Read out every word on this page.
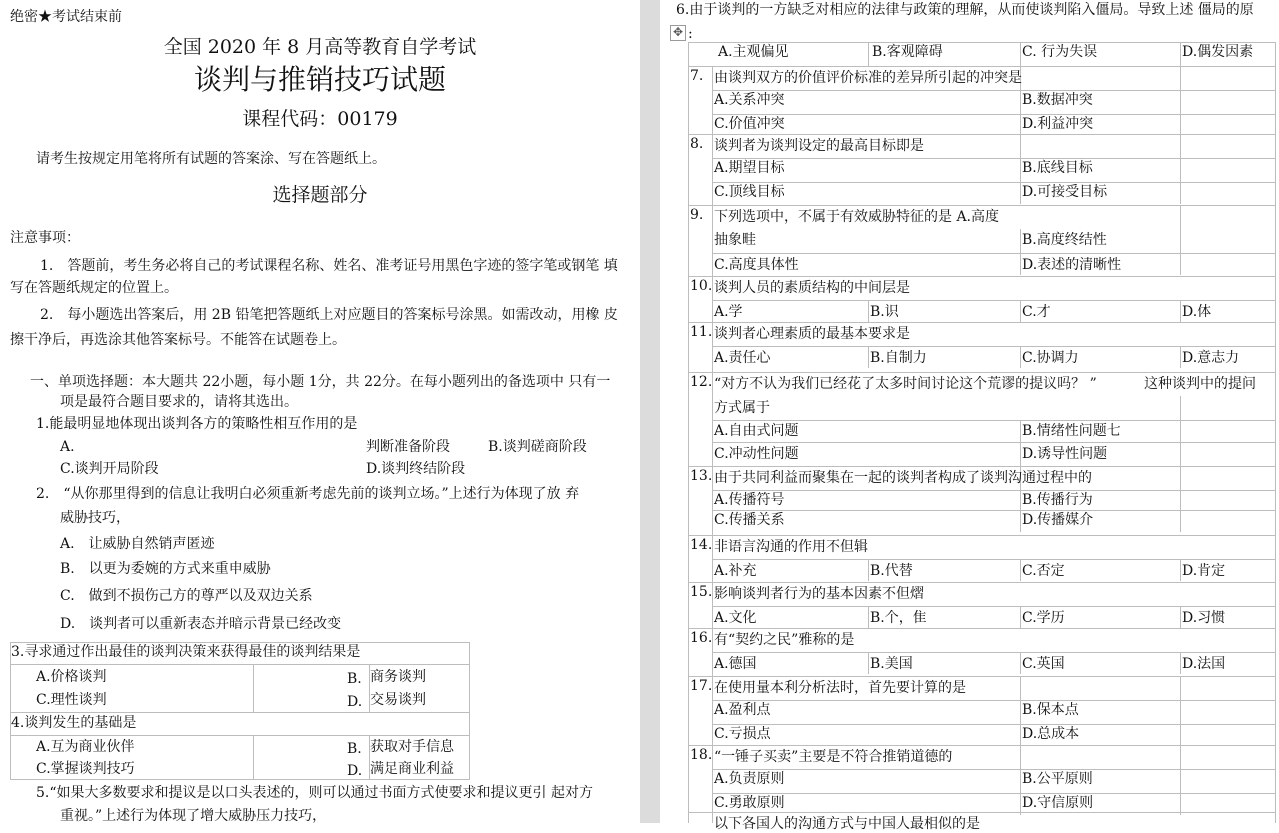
绝密★考试结束前
全国 2020 年 8 月高等教育自学考试
谈判与推销技巧试题
课程代码：00179
请考生按规定用笔将所有试题的答案涂、写在答题纸上。
选择题部分
注意事项：
1.　答题前，考生务必将自己的考试课程名称、姓名、准考证号用黑色字迹的签字笔或钢笔 填
写在答题纸规定的位置上。
2.　每小题选出答案后，用 2B 铅笔把答题纸上对应题目的答案标号涂黑。如需改动，用橡 皮
擦干净后，再选涂其他答案标号。不能答在试题卷上。
一、单项选择题：本大题共 22小题，每小题 1分，共 22分。在每小题列出的备选项中 只有一
项是最符合题目要求的，请将其选出。
1.能最明显地体现出谈判各方的策略性相互作用的是
A.	判断准备阶段	B.谈判磋商阶段
C.谈判开局阶段	D.谈判终结阶段
2.　“从你那里得到的信息让我明白必须重新考虑先前的谈判立场。”上述行为体现了放 弃
威胁技巧，
A.　让威胁自然销声匿迹
B.　以更为委婉的方式来重申威胁
C.　做到不损伤己方的尊严以及双边关系
D.　谈判者可以重新表态并暗示背景已经改变
3.寻求通过作出最佳的谈判决策来获得最佳的谈判结果是
A.价格谈判	B. 商务谈判
C.理性谈判	D. 交易谈判
4.谈判发生的基础是
A.互为商业伙伴	B. 获取对手信息
C.掌握谈判技巧	D. 满足商业利益
5.“如果大多数要求和提议是以口头表述的，则可以通过书面方式使要求和提议更引 起对方
重视。”上述行为体现了增大威胁压力技巧，
6.由于谈判的一方缺乏对相应的法律与政策的理解，从而使谈判陷入僵局。导致上述 僵局的原
✥ :
A.主观偏见	B.客观障碍	C. 行为失误	D.偶发因素
7. 由谈判双方的价值评价标准的差异所引起的冲突是
A.关系冲突	B.数据冲突
C.价值冲突	D.利益冲突
8. 谈判者为谈判设定的最高目标即是
A.期望目标	B.底线目标
C.顶线目标	D.可接受目标
9. 下列选项中，不属于有效威胁特征的是 A.高度
抽象畦	B.高度终结性
C.高度具体性	D.表述的清晰性
10. 谈判人员的素质结构的中间层是
A.学	B.识	C.才	D.体
11. 谈判者心理素质的最基本要求是
A.责任心	B.自制力	C.协调力	D.意志力
12. “对方不认为我们已经花了太多时间讨论这个荒谬的提议吗？ ”	这种谈判中的提问
方式属于
A.自由式问题	B.情绪性问题七
C.冲动性问题	D.诱导性问题
13. 由于共同利益而聚集在一起的谈判者构成了谈判沟通过程中的
A.传播符号	B.传播行为
C.传播关系	D.传播媒介
14. 非语言沟通的作用不但辑
A.补充	B.代替	C.否定	D.肯定
15. 影响谈判者行为的基本因素不但熠
A.文化	B.个，隹	C.学历	D.习惯
16. 有“契约之民”雅称的是
A.德国	B.美国	C.英国	D.法国
17. 在使用量本利分析法时，首先要计算的是
A.盈利点	B.保本点
C.亏损点	D.总成本
18. “一锤子买卖”主要是不符合推销道德的
A.负责原则	B.公平原则
C.勇敢原则	D.守信原则
以下各国人的沟通方式与中国人最相似的是
